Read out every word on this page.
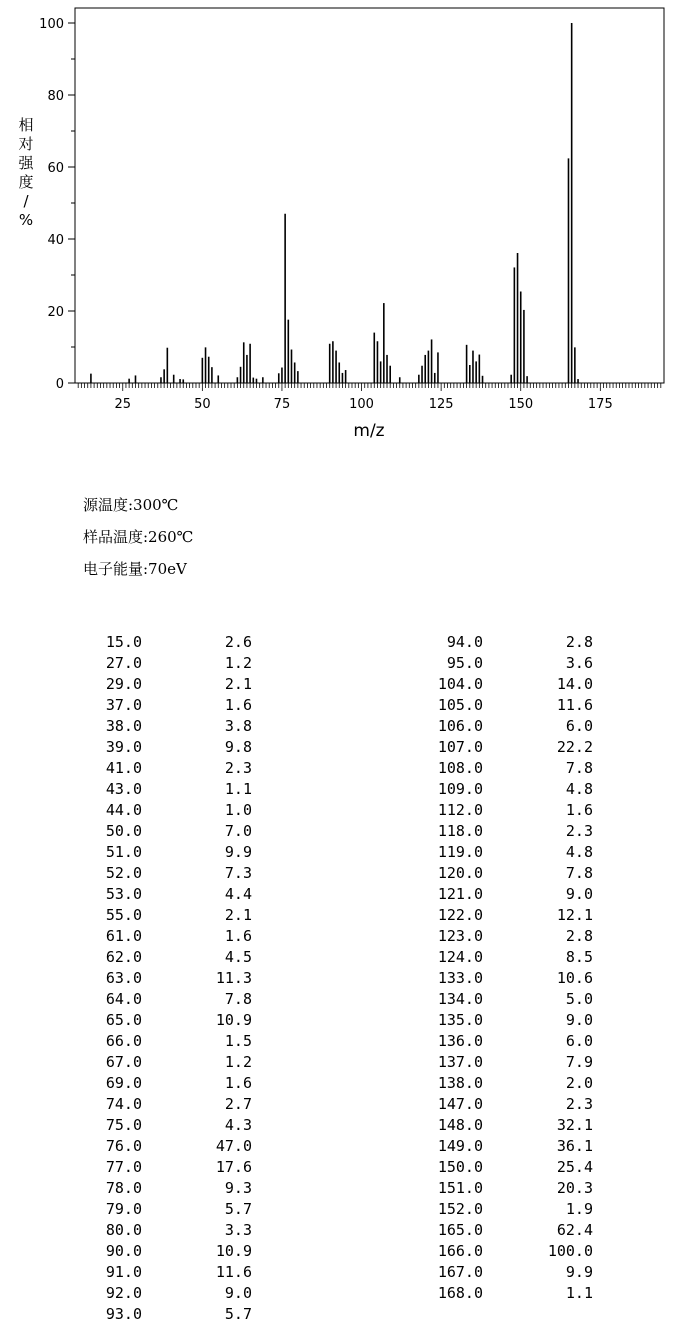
0
20
40
60
80
100
25	50	75	100	125	150	175
m/z
相对强度/ %
源温度:300℃
样品温度:260℃
电子能量:70eV
15.0	2.6
27.0	1.2
29.0	2.1
37.0	1.6
38.0	3.8
39.0	9.8
41.0	2.3
43.0	1.1
44.0	1.0
50.0	7.0
51.0	9.9
52.0	7.3
53.0	4.4
55.0	2.1
61.0	1.6
62.0	4.5
63.0	11.3
64.0	7.8
65.0	10.9
66.0	1.5
67.0	1.2
69.0	1.6
74.0	2.7
75.0	4.3
76.0	47.0
77.0	17.6
78.0	9.3
79.0	5.7
80.0	3.3
90.0	10.9
91.0	11.6
92.0	9.0
93.0	5.7
94.0	2.8
95.0	3.6
104.0	14.0
105.0	11.6
106.0	6.0
107.0	22.2
108.0	7.8
109.0	4.8
112.0	1.6
118.0	2.3
119.0	4.8
120.0	7.8
121.0	9.0
122.0	12.1
123.0	2.8
124.0	8.5
133.0	10.6
134.0	5.0
135.0	9.0
136.0	6.0
137.0	7.9
138.0	2.0
147.0	2.3
148.0	32.1
149.0	36.1
150.0	25.4
151.0	20.3
152.0	1.9
165.0	62.4
166.0	100.0
167.0	9.9
168.0	1.1
